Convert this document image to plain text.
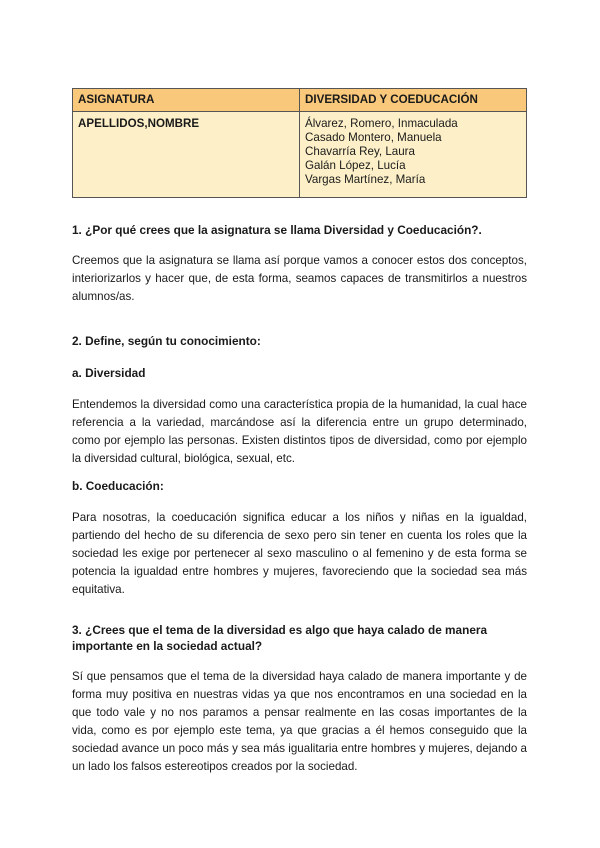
ASIGNATURA	DIVERSIDAD Y COEDUCACIÓN
APELLIDOS,NOMBRE	Álvarez, Romero, Inmaculada
Casado Montero, Manuela
Chavarría Rey, Laura
Galán López, Lucía
Vargas Martínez, María

1. ¿Por qué crees que la asignatura se llama Diversidad y Coeducación?.

Creemos que la asignatura se llama así porque vamos a conocer estos dos conceptos, interiorizarlos y hacer que, de esta forma, seamos capaces de transmitirlos a nuestros alumnos/as.

2. Define, según tu conocimiento:

a. Diversidad

Entendemos la diversidad como una característica propia de la humanidad, la cual hace referencia a la variedad, marcándose así la diferencia entre un grupo determinado, como por ejemplo las personas. Existen distintos tipos de diversidad, como por ejemplo la diversidad cultural, biológica, sexual, etc.

b. Coeducación:

Para nosotras, la coeducación significa educar a los niños y niñas en la igualdad, partiendo del hecho de su diferencia de sexo pero sin tener en cuenta los roles que la sociedad les exige por pertenecer al sexo masculino o al femenino y de esta forma se potencia la igualdad entre hombres y mujeres, favoreciendo que la sociedad sea más equitativa.

3. ¿Crees que el tema de la diversidad es algo que haya calado de manera importante en la sociedad actual?

Sí que pensamos que el tema de la diversidad haya calado de manera importante y de forma muy positiva en nuestras vidas ya que nos encontramos en una sociedad en la que todo vale y no nos paramos a pensar realmente en las cosas importantes de la vida, como es por ejemplo este tema, ya que gracias a él hemos conseguido que la sociedad avance un poco más y sea más igualitaria entre hombres y mujeres, dejando a un lado los falsos estereotipos creados por la sociedad.
